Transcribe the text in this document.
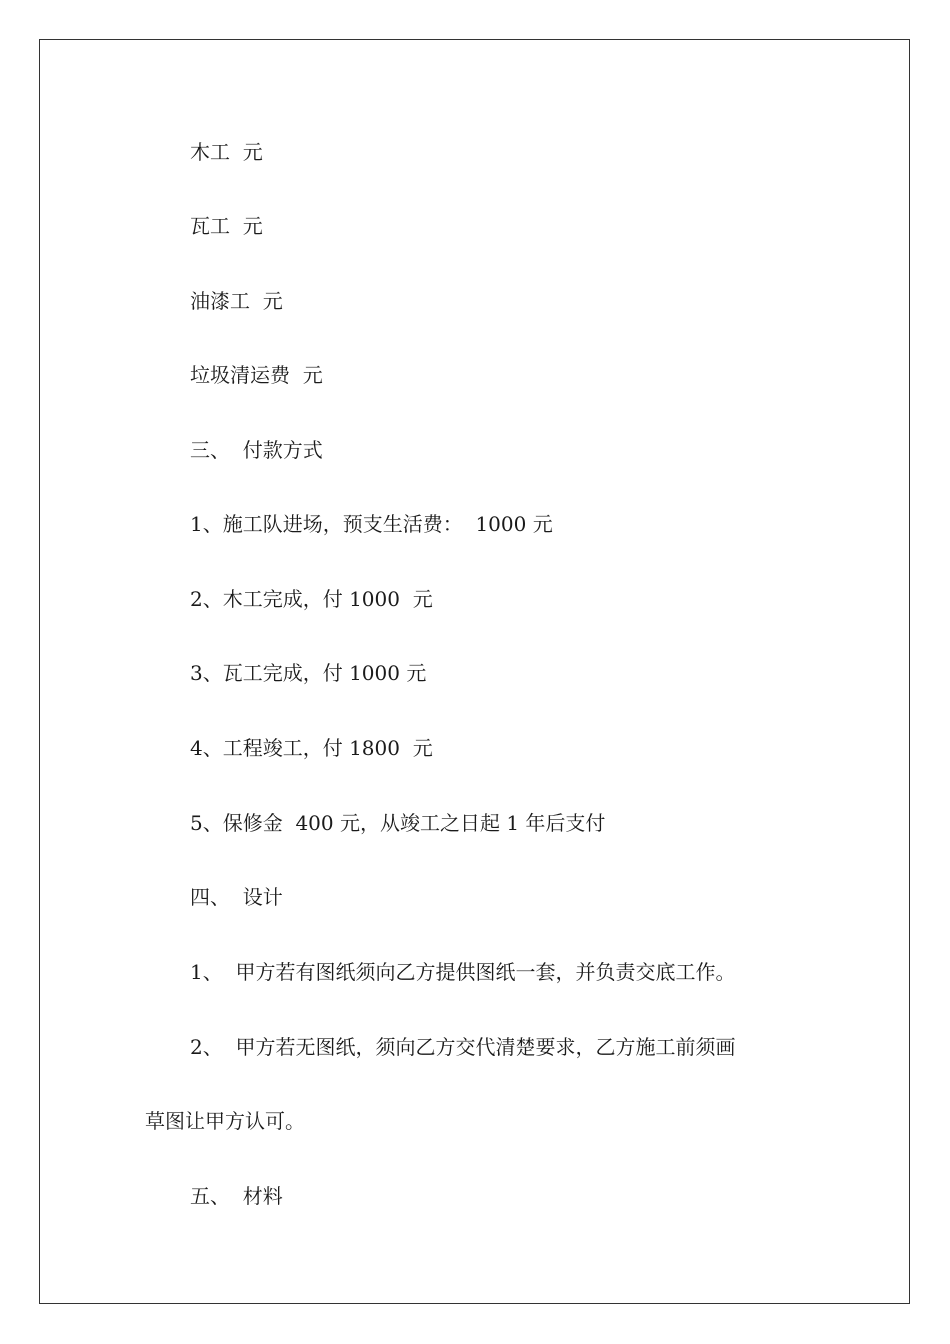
木工  元

瓦工  元

油漆工  元

垃圾清运费  元

三、  付款方式

1、施工队进场，预支生活费：  1000 元

2、木工完成，付 1000  元

3、瓦工完成，付 1000 元

4、工程竣工，付 1800  元

5、保修金  400 元，从竣工之日起 1 年后支付

四、  设计

1、  甲方若有图纸须向乙方提供图纸一套，并负责交底工作。

2、  甲方若无图纸，须向乙方交代清楚要求，乙方施工前须画

草图让甲方认可。

五、  材料
